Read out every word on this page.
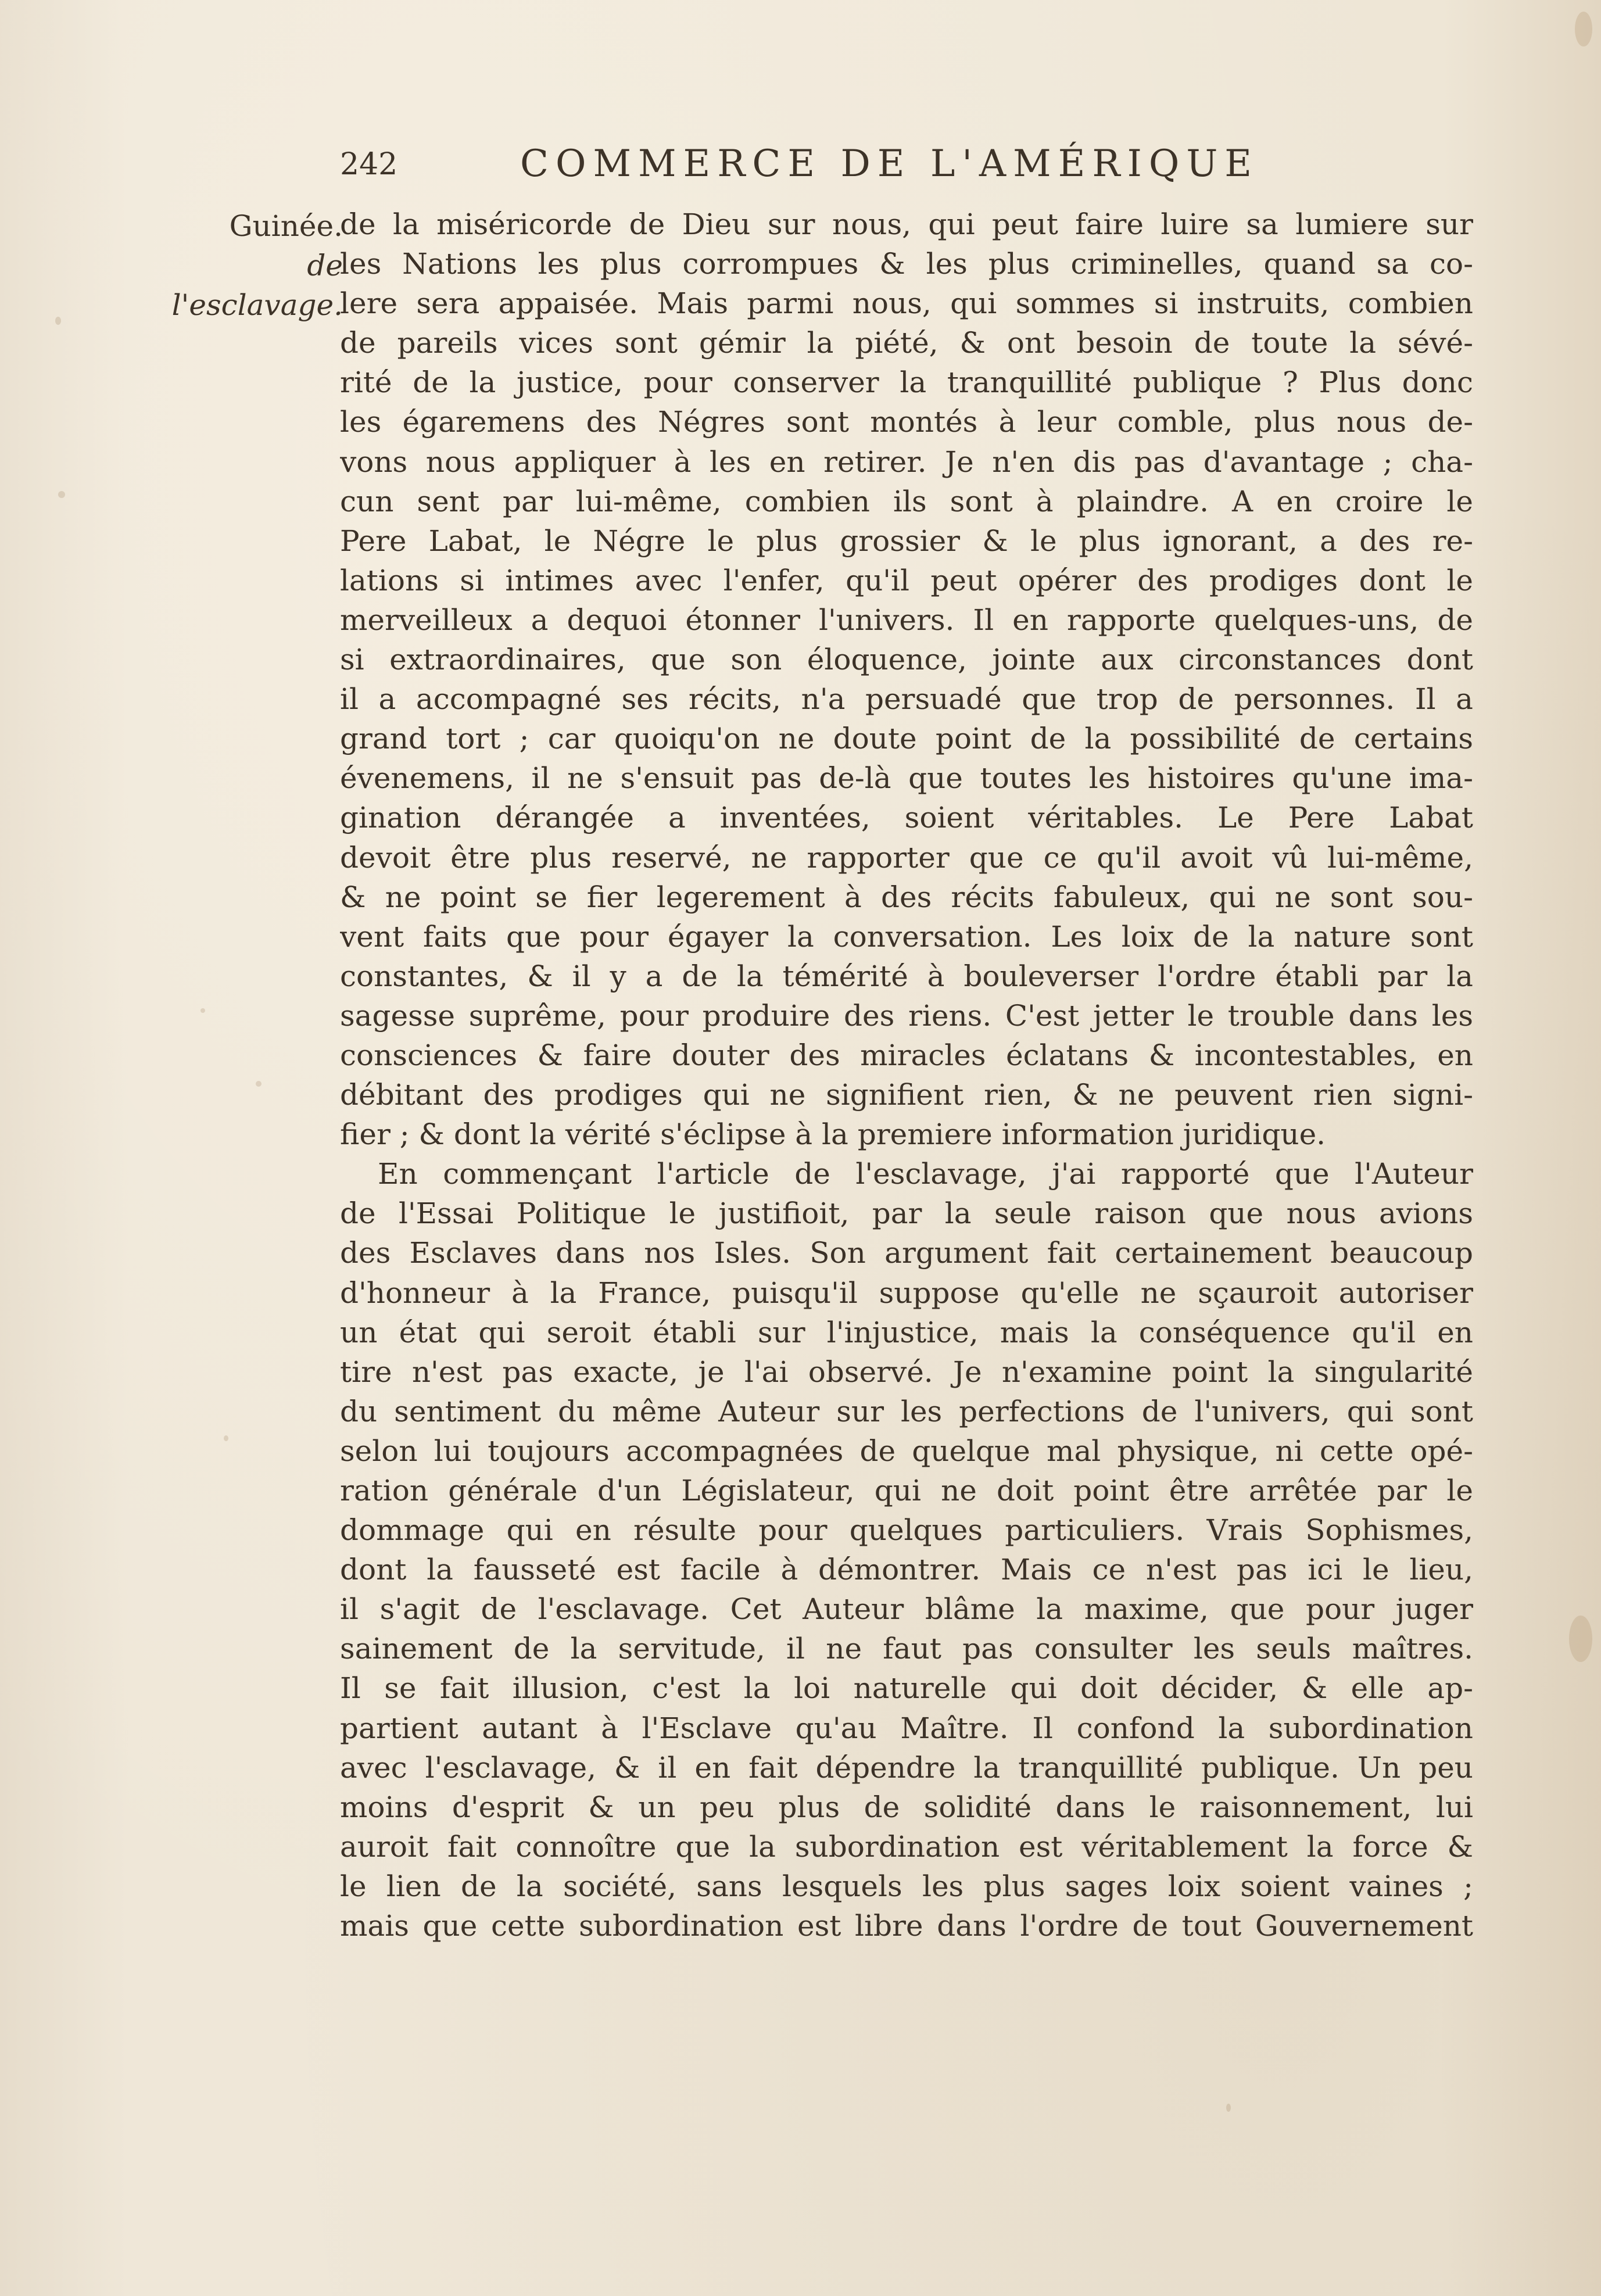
242	COMMERCE DE L'AMÉRIQUE
Guinée.
de l'esclavage.
de la miséricorde de Dieu sur nous, qui peut faire luire sa lumiere sur
les Nations les plus corrompues & les plus criminelles, quand sa co-
lere sera appaisée. Mais parmi nous, qui sommes si instruits, combien
de pareils vices sont gémir la piété, & ont besoin de toute la sévé-
rité de la justice, pour conserver la tranquillité publique ? Plus donc
les égaremens des Négres sont montés à leur comble, plus nous de-
vons nous appliquer à les en retirer. Je n'en dis pas d'avantage ; cha-
cun sent par lui-même, combien ils sont à plaindre. A en croire le
Pere Labat, le Négre le plus grossier & le plus ignorant, a des re-
lations si intimes avec l'enfer, qu'il peut opérer des prodiges dont le
merveilleux a dequoi étonner l'univers. Il en rapporte quelques-uns, de
si extraordinaires, que son éloquence, jointe aux circonstances dont
il a accompagné ses récits, n'a persuadé que trop de personnes. Il a
grand tort ; car quoiqu'on ne doute point de la possibilité de certains
évenemens, il ne s'ensuit pas de-là que toutes les histoires qu'une ima-
gination dérangée a inventées, soient véritables. Le Pere Labat
devoit être plus reservé, ne rapporter que ce qu'il avoit vû lui-même,
& ne point se fier legerement à des récits fabuleux, qui ne sont sou-
vent faits que pour égayer la conversation. Les loix de la nature sont
constantes, & il y a de la témérité à bouleverser l'ordre établi par la
sagesse suprême, pour produire des riens. C'est jetter le trouble dans les
consciences & faire douter des miracles éclatans & incontestables, en
débitant des prodiges qui ne signifient rien, & ne peuvent rien signi-
fier ; & dont la vérité s'éclipse à la premiere information juridique.
En commençant l'article de l'esclavage, j'ai rapporté que l'Auteur
de l'Essai Politique le justifioit, par la seule raison que nous avions
des Esclaves dans nos Isles. Son argument fait certainement beaucoup
d'honneur à la France, puisqu'il suppose qu'elle ne sçauroit autoriser
un état qui seroit établi sur l'injustice, mais la conséquence qu'il en
tire n'est pas exacte, je l'ai observé. Je n'examine point la singularité
du sentiment du même Auteur sur les perfections de l'univers, qui sont
selon lui toujours accompagnées de quelque mal physique, ni cette opé-
ration générale d'un Législateur, qui ne doit point être arrêtée par le
dommage qui en résulte pour quelques particuliers. Vrais Sophismes,
dont la fausseté est facile à démontrer. Mais ce n'est pas ici le lieu,
il s'agit de l'esclavage. Cet Auteur blâme la maxime, que pour juger
sainement de la servitude, il ne faut pas consulter les seuls maîtres.
Il se fait illusion, c'est la loi naturelle qui doit décider, & elle ap-
partient autant à l'Esclave qu'au Maître. Il confond la subordination
avec l'esclavage, & il en fait dépendre la tranquillité publique. Un peu
moins d'esprit & un peu plus de solidité dans le raisonnement, lui
auroit fait connoître que la subordination est véritablement la force &
le lien de la société, sans lesquels les plus sages loix soient vaines ;
mais que cette subordination est libre dans l'ordre de tout Gouvernement
